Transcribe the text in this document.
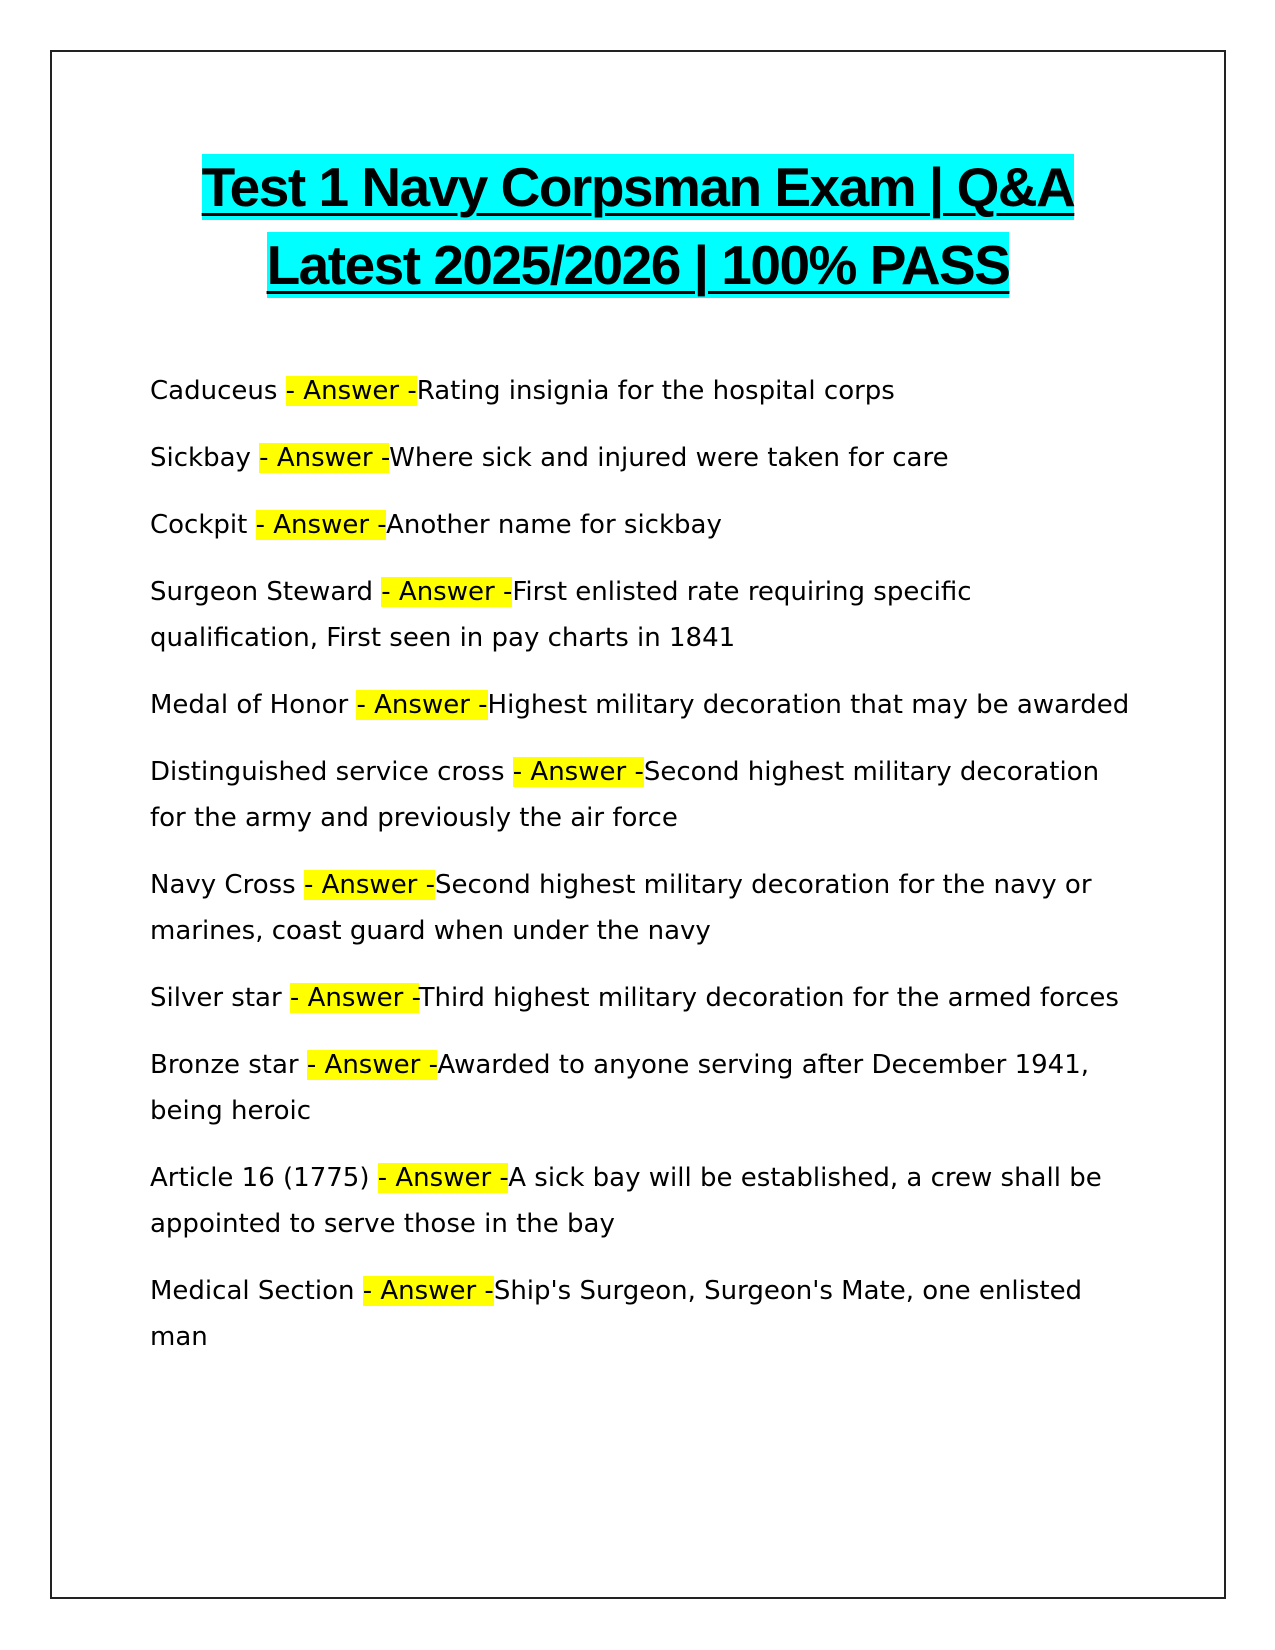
Test 1 Navy Corpsman Exam | Q&A
Latest 2025/2026 | 100% PASS
Caduceus - Answer -Rating insignia for the hospital corps
Sickbay - Answer -Where sick and injured were taken for care
Cockpit - Answer -Another name for sickbay
Surgeon Steward - Answer -First enlisted rate requiring specific qualification, First seen in pay charts in 1841
Medal of Honor - Answer -Highest military decoration that may be awarded
Distinguished service cross - Answer -Second highest military decoration for the army and previously the air force
Navy Cross - Answer -Second highest military decoration for the navy or marines, coast guard when under the navy
Silver star - Answer -Third highest military decoration for the armed forces
Bronze star - Answer -Awarded to anyone serving after December 1941, being heroic
Article 16 (1775) - Answer -A sick bay will be established, a crew shall be appointed to serve those in the bay
Medical Section - Answer -Ship's Surgeon, Surgeon's Mate, one enlisted man
